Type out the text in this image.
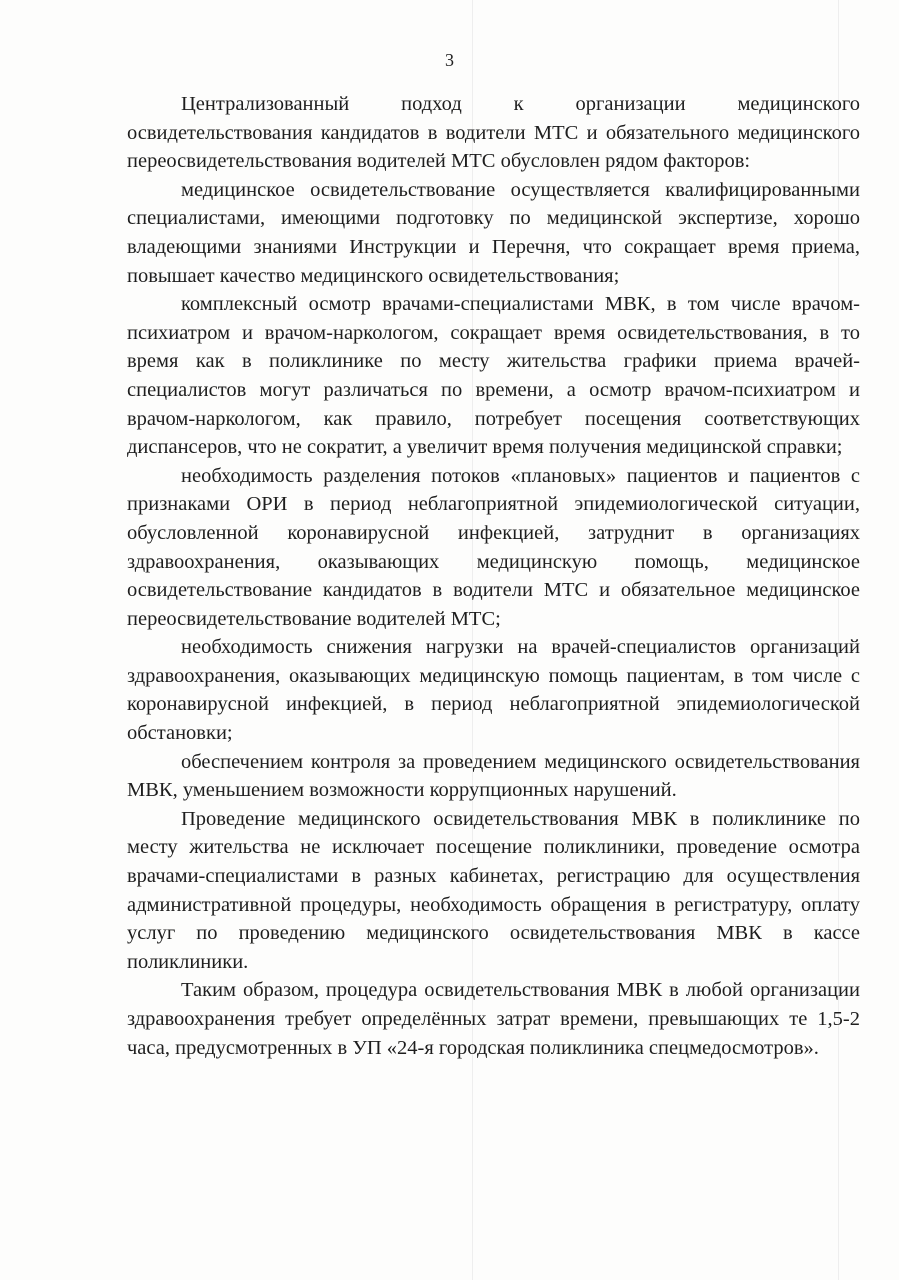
3

Централизованный подход к организации медицинского освидетельствования кандидатов в водители МТС и обязательного медицинского переосвидетельствования водителей МТС обусловлен рядом факторов:

медицинское освидетельствование осуществляется квалифицированными специалистами, имеющими подготовку по медицинской экспертизе, хорошо владеющими знаниями Инструкции и Перечня, что сокращает время приема, повышает качество медицинского освидетельствования;

комплексный осмотр врачами-специалистами МВК, в том числе врачом-психиатром и врачом-наркологом, сокращает время освидетельствования, в то время как в поликлинике по месту жительства графики приема врачей-специалистов могут различаться по времени, а осмотр врачом-психиатром и врачом-наркологом, как правило, потребует посещения соответствующих диспансеров, что не сократит, а увеличит время получения медицинской справки;

необходимость разделения потоков «плановых» пациентов и пациентов с признаками ОРИ в период неблагоприятной эпидемиологической ситуации, обусловленной коронавирусной инфекцией, затруднит в организациях здравоохранения, оказывающих медицинскую помощь, медицинское освидетельствование кандидатов в водители МТС и обязательное медицинское переосвидетельствование водителей МТС;

необходимость снижения нагрузки на врачей-специалистов организаций здравоохранения, оказывающих медицинскую помощь пациентам, в том числе с коронавирусной инфекцией, в период неблагоприятной эпидемиологической обстановки;

обеспечением контроля за проведением медицинского освидетельствования МВК, уменьшением возможности коррупционных нарушений.

Проведение медицинского освидетельствования МВК в поликлинике по месту жительства не исключает посещение поликлиники, проведение осмотра врачами-специалистами в разных кабинетах, регистрацию для осуществления административной процедуры, необходимость обращения в регистратуру, оплату услуг по проведению медицинского освидетельствования МВК в кассе поликлиники.

Таким образом, процедура освидетельствования МВК в любой организации здравоохранения требует определённых затрат времени, превышающих те 1,5-2 часа, предусмотренных в УП «24-я городская поликлиника спецмедосмотров».
